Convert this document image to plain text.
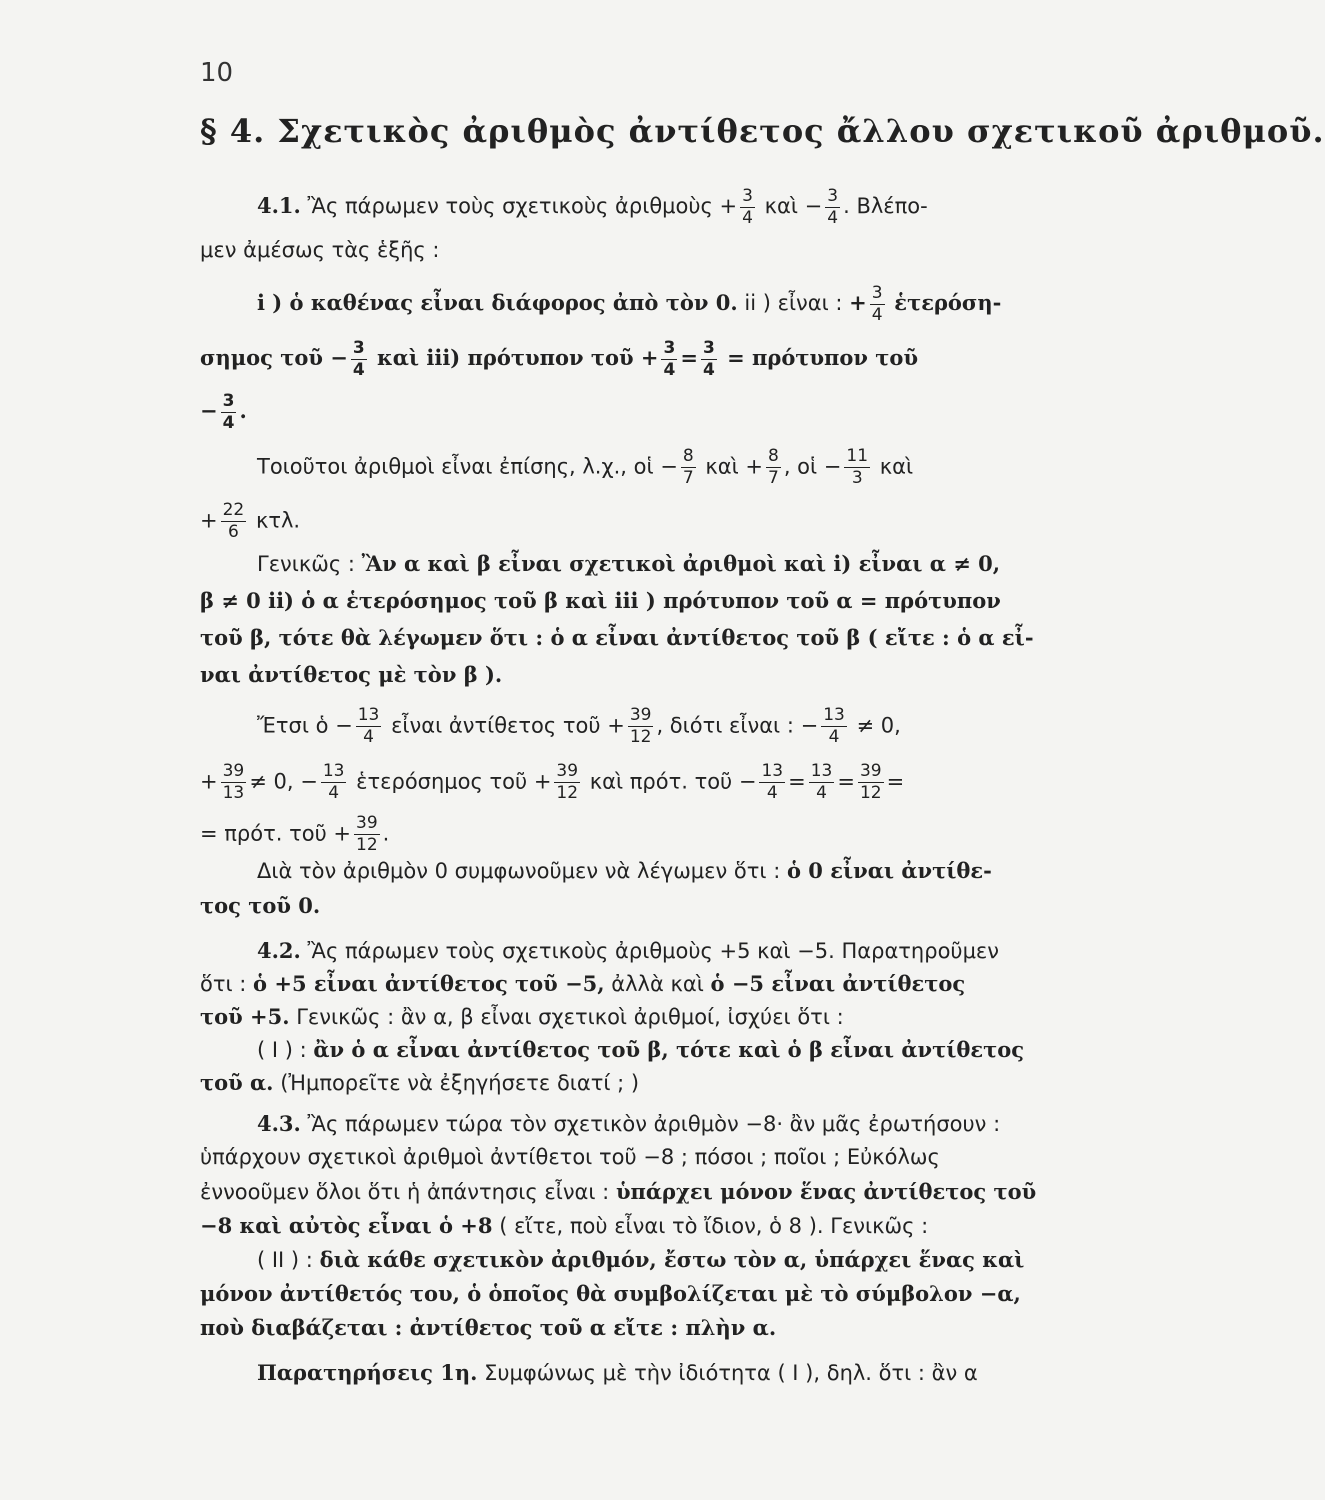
10
§ 4. Σχετικὸς ἀριθμὸς ἀντίθετος ἄλλου σχετικοῦ ἀριθμοῦ.
4.1. Ἂς πάρωμεν τοὺς σχετικοὺς ἀριθμοὺς + $\frac{3}{4}$ καὶ − $\frac{3}{4}$ . Βλέπο-
μεν ἀμέσως τὰς ἑξῆς :
i ) ὁ καθένας εἶναι διάφορος ἀπὸ τὸν 0. ii ) εἶναι : + $\frac{3}{4}$ ἑτερόση-
σημος τοῦ − $\frac{3}{4}$ καὶ iii) πρότυπον τοῦ + $\frac{3}{4} = \frac{3}{4} = \pi\rho ό\tau\upsilon\pi o\nu$ τοῦ
− $\frac{3}{4}$ .
Τοιοῦτοι ἀριθμοὶ εἶναι ἐπίσης, λ.χ., οἱ − $\frac{8}{7}$ καὶ + $\frac{8}{7}$ , οἱ − $\frac{11}{3}$ καὶ
+ $\frac{22}{6} \kappa\tau\lambda$.
Γενικῶς : Ἂν α καὶ β εἶναι σχετικοὶ ἀριθμοὶ καὶ i) εἶναι α ≠ 0,
β ≠ 0 ii) ὁ α ἑτερόσημος τοῦ β καὶ iii ) πρότυπον τοῦ α = πρότυπον
τοῦ β, τότε θὰ λέγωμεν ὅτι : ὁ α εἶναι ἀντίθετος τοῦ β ( εἴτε : ὁ α εἶ-
ναι ἀντίθετος μὲ τὸν β ).
Ἔτσι ὁ − $\frac{13}{4}$ εἶναι ἀντίθετος τοῦ + $\frac{39}{12}$ , διότι εἶναι : − $\frac{13}{4} \ne 0$,
+ $\frac{39}{13} \ne 0$, − $\frac{13}{4}$ ἑτερόσημος τοῦ + $\frac{39}{12}$ καὶ πρότ. τοῦ − $\frac{13}{4} = \frac{13}{4} = \frac{39}{12}$ =
= πρότ. τοῦ + $\frac{39}{12}$ .
Διὰ τὸν ἀριθμὸν 0 συμφωνοῦμεν νὰ λέγωμεν ὅτι : ὁ 0 εἶναι ἀντίθε-
τος τοῦ 0.
4.2. Ἂς πάρωμεν τοὺς σχετικοὺς ἀριθμοὺς +5 καὶ −5. Παρατηροῦμεν
ὅτι : ὁ +5 εἶναι ἀντίθετος τοῦ −5, ἀλλὰ καὶ ὁ −5 εἶναι ἀντίθετος
τοῦ +5. Γενικῶς : ἂν α, β εἶναι σχετικοὶ ἀριθμοί, ἰσχύει ὅτι :
( I ) : ἂν ὁ α εἶναι ἀντίθετος τοῦ β, τότε καὶ ὁ β εἶναι ἀντίθετος
τοῦ α. (Ἠμπορεῖτε νὰ ἐξηγήσετε διατί ; )
4.3. Ἂς πάρωμεν τώρα τὸν σχετικὸν ἀριθμὸν −8· ἂν μᾶς ἐρωτήσουν :
ὑπάρχουν σχετικοὶ ἀριθμοὶ ἀντίθετοι τοῦ −8 ; πόσοι ; ποῖοι ; Εὐκόλως
ἐννοοῦμεν ὅλοι ὅτι ἡ ἀπάντησις εἶναι : ὑπάρχει μόνον ἕνας ἀντίθετος τοῦ
−8 καὶ αὐτὸς εἶναι ὁ +8 ( εἴτε, ποὺ εἶναι τὸ ἴδιον, ὁ 8 ). Γενικῶς :
( II ) : διὰ κάθε σχετικὸν ἀριθμόν, ἔστω τὸν α, ὑπάρχει ἕνας καὶ
μόνον ἀντίθετός του, ὁ ὁποῖος θὰ συμβολίζεται μὲ τὸ σύμβολον −α,
ποὺ διαβάζεται : ἀντίθετος τοῦ α εἴτε : πλὴν α.
Παρατηρήσεις 1η. Συμφώνως μὲ τὴν ἰδιότητα ( I ), δηλ. ὅτι : ἂν α
